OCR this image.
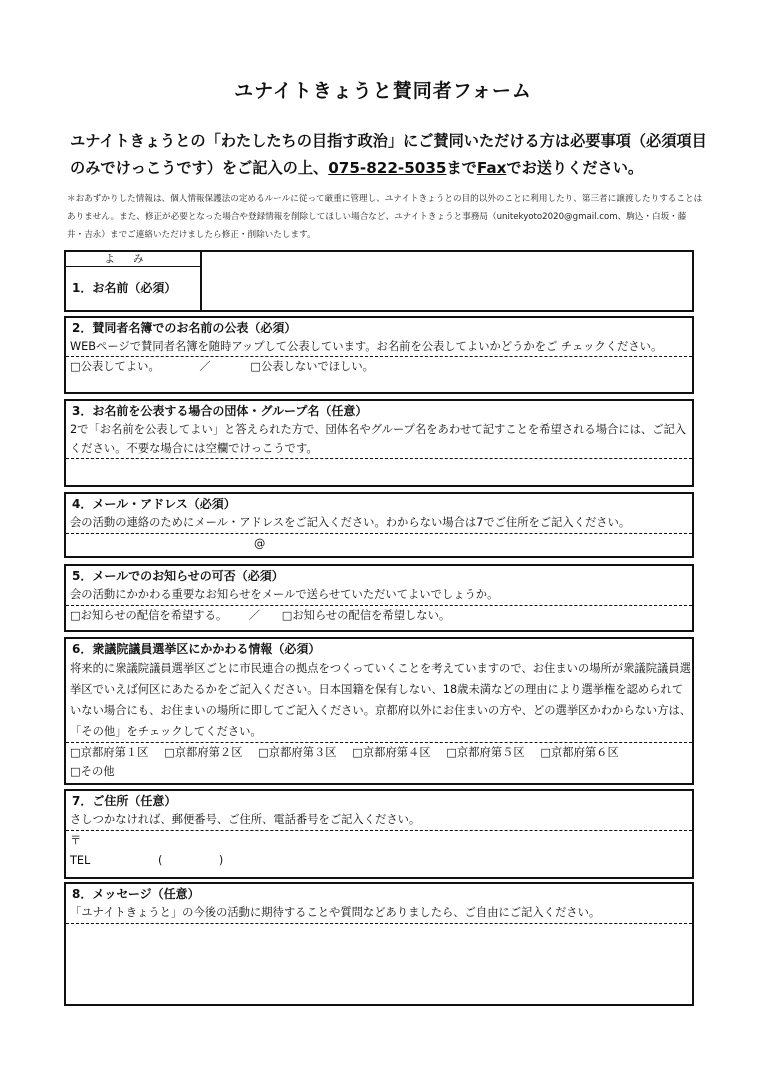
ユナイトきょうと賛同者フォーム
ユナイトきょうとの「わたしたちの目指す政治」にご賛同いただける方は必要事項（必須項目のみでけっこうです）をご記入の上、075-822-5035までFaxでお送りください。
＊おあずかりした情報は、個人情報保護法の定めるルールに従って厳重に管理し、ユナイトきょうとの目的以外のことに利用したり、第三者に譲渡したりすることはありません。また、修正が必要となった場合や登録情報を削除してほしい場合など、ユナイトきょうと事務局（unitekyoto2020@gmail.com、駒込・白坂・藤井・吉永）までご連絡いただけましたら修正・削除いたします。
よみ
1．お名前（必須）
2．賛同者名簿でのお名前の公表（必須）
WEBページで賛同者名簿を随時アップして公表しています。お名前を公表してよいかどうかをご チェックください。
□公表してよい。	／	□公表しないでほしい。
3．お名前を公表する場合の団体・グループ名（任意）
2で「お名前を公表してよい」と答えられた方で、団体名やグループ名をあわせて記すことを希望される場合には、ご記入ください。不要な場合には空欄でけっこうです。
4．メール・アドレス（必須）
会の活動の連絡のためにメール・アドレスをご記入ください。わからない場合は7でご住所をご記入ください。
@
5．メールでのお知らせの可否（必須）
会の活動にかかわる重要なお知らせをメールで送らせていただいてよいでしょうか。
□お知らせの配信を希望する。 ／ □お知らせの配信を希望しない。
6．衆議院議員選挙区にかかわる情報（必須）
将来的に衆議院議員選挙区ごとに市民連合の拠点をつくっていくことを考えていますので、お住まいの場所が衆議院議員選挙区でいえば何区にあたるかをご記入ください。日本国籍を保有しない、18歳未満などの理由により選挙権を認められていない場合にも、お住まいの場所に即してご記入ください。京都府以外にお住まいの方や、どの選挙区かわからない方は、「その他」をチェックしてください。
□京都府第１区 □京都府第２区 □京都府第３区 □京都府第４区 □京都府第５区 □京都府第６区
□その他
7．ご住所（任意）
さしつかなければ、郵便番号、ご住所、電話番号をご記入ください。
〒
TEL	(　　　　　)
8．メッセージ（任意）
「ユナイトきょうと」の今後の活動に期待することや質問などありましたら、ご自由にご記入ください。
